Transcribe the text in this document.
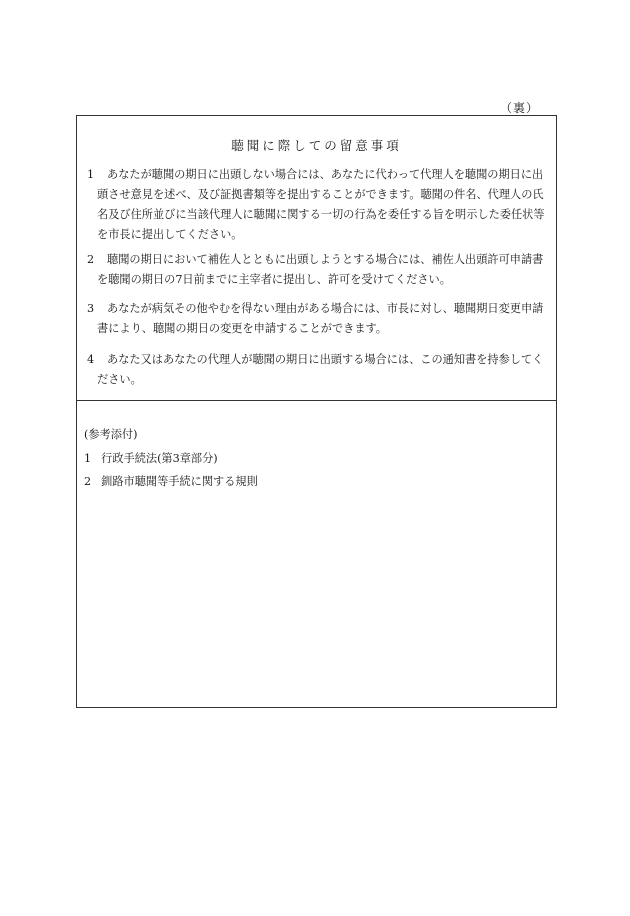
（裏）
聴聞に際しての留意事項
1	あなたが聴聞の期日に出頭しない場合には、あなたに代わって代理人を聴聞の期日に出頭させ意見を述べ、及び証拠書類等を提出することができます。聴聞の件名、代理人の氏名及び住所並びに当該代理人に聴聞に関する一切の行為を委任する旨を明示した委任状等を市長に提出してください。
2	聴聞の期日において補佐人とともに出頭しようとする場合には、補佐人出頭許可申請書を聴聞の期日の7日前までに主宰者に提出し、許可を受けてください。
3	あなたが病気その他やむを得ない理由がある場合には、市長に対し、聴聞期日変更申請書により、聴聞の期日の変更を申請することができます。
4	あなた又はあなたの代理人が聴聞の期日に出頭する場合には、この通知書を持参してください。
(参考添付)
1 行政手続法(第3章部分)
2 釧路市聴聞等手続に関する規則
